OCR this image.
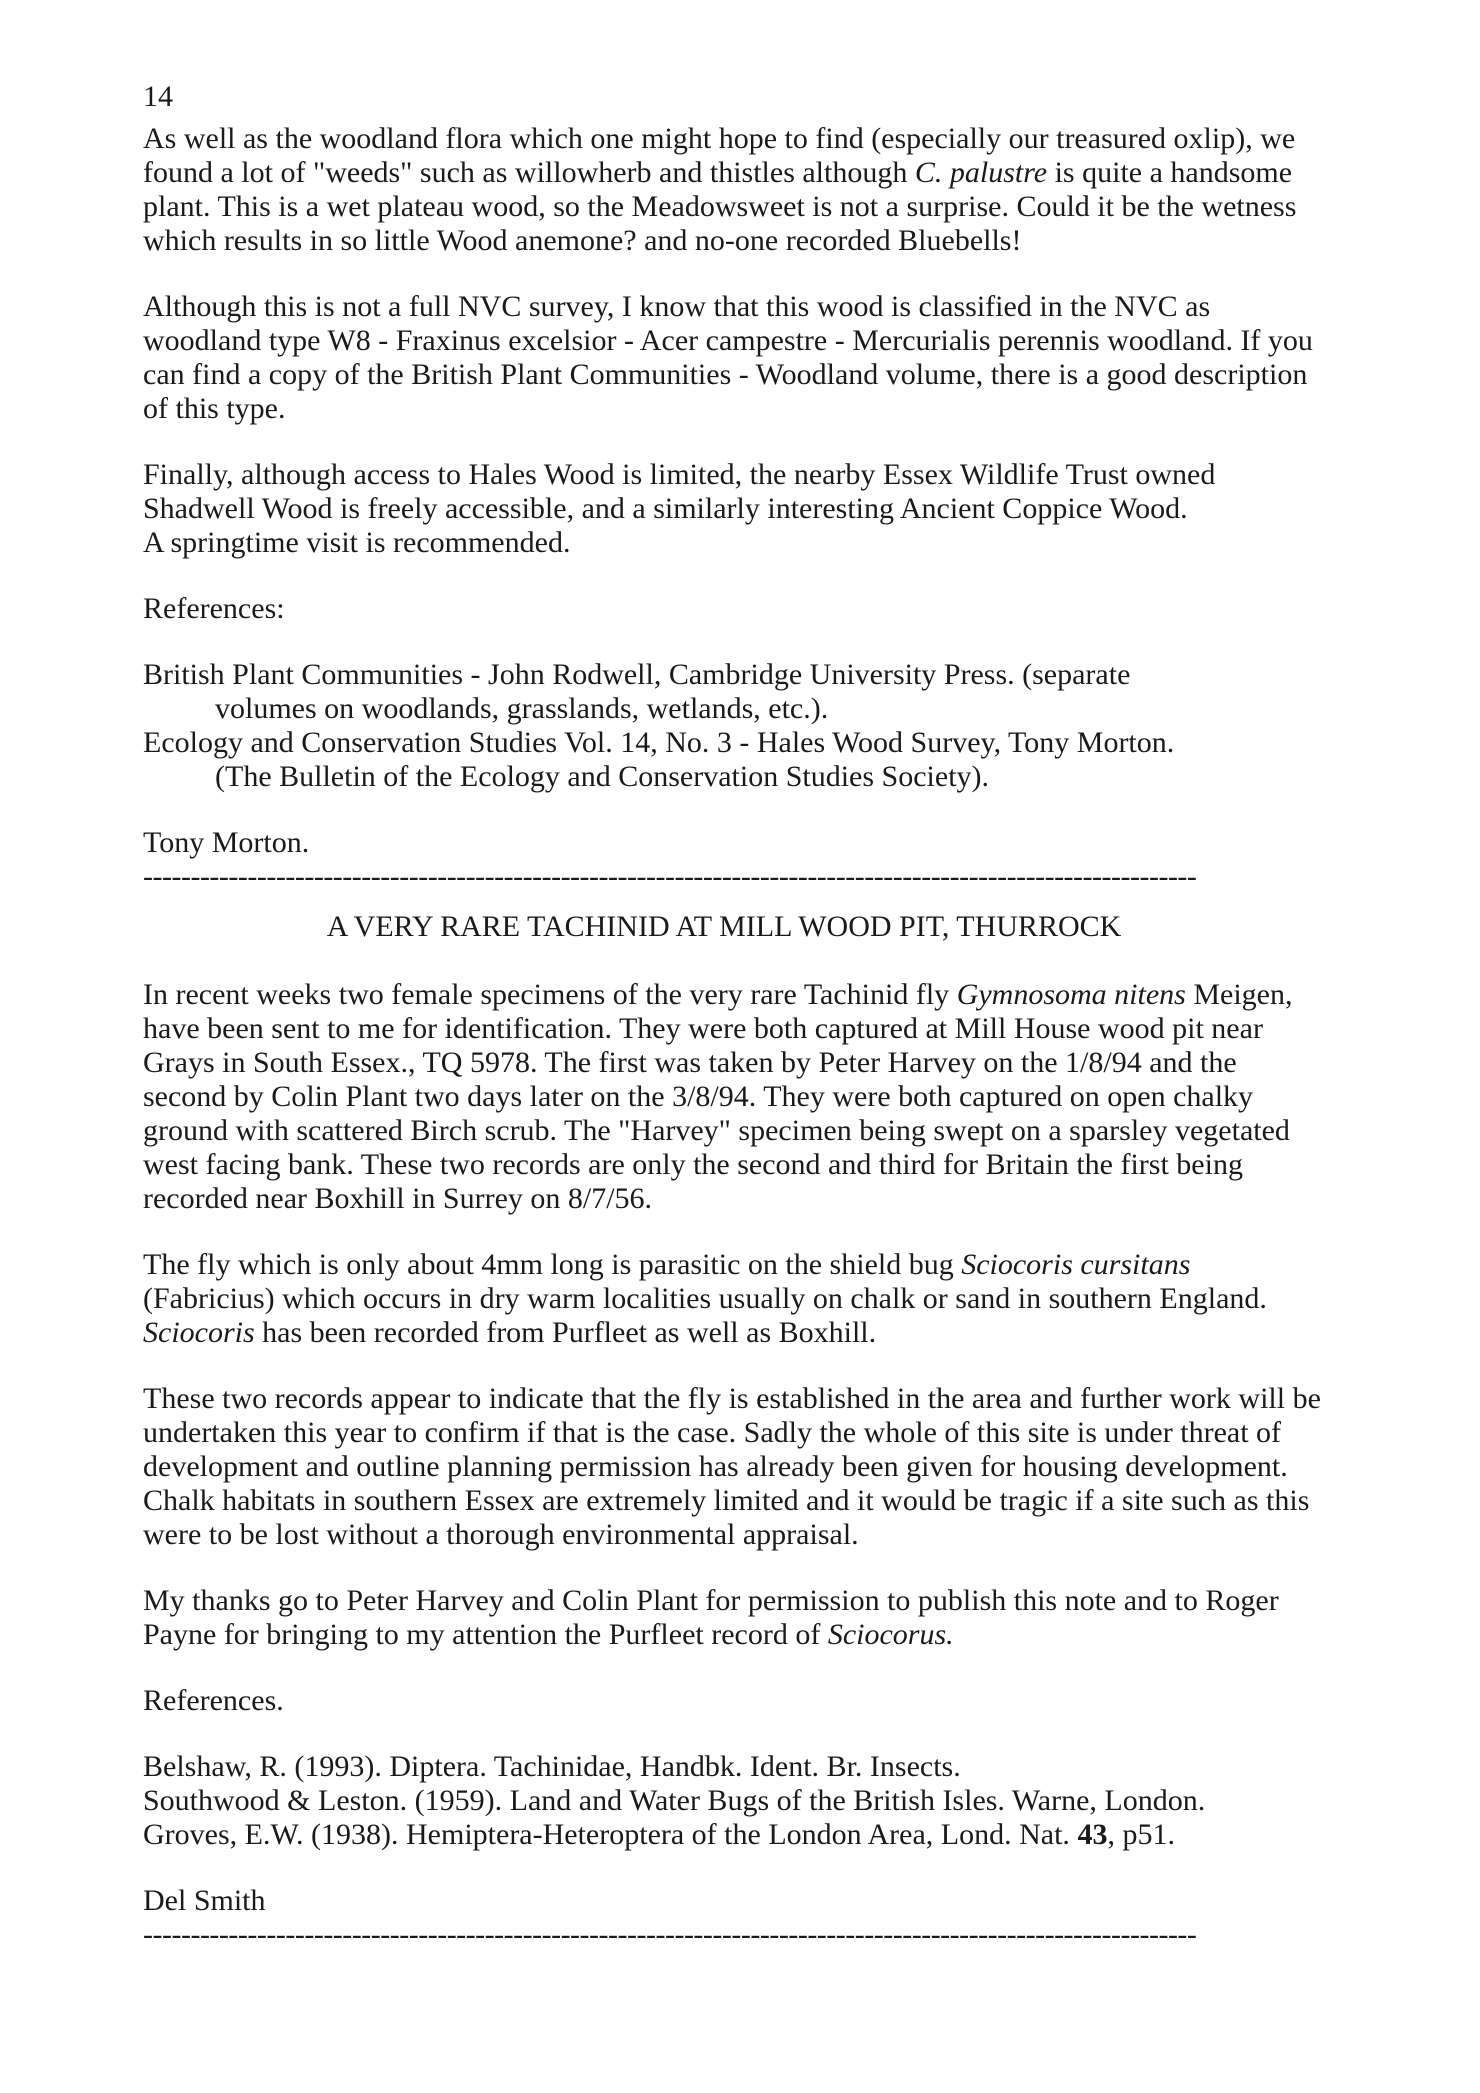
14

As well as the woodland flora which one might hope to find (especially our treasured oxlip), we found a lot of "weeds" such as willowherb and thistles although C. palustre is quite a handsome plant. This is a wet plateau wood, so the Meadowsweet is not a surprise. Could it be the wetness which results in so little Wood anemone? and no-one recorded Bluebells!

Although this is not a full NVC survey, I know that this wood is classified in the NVC as woodland type W8 - Fraxinus excelsior - Acer campestre - Mercurialis perennis woodland. If you can find a copy of the British Plant Communities - Woodland volume, there is a good description of this type.

Finally, although access to Hales Wood is limited, the nearby Essex Wildlife Trust owned Shadwell Wood is freely accessible, and a similarly interesting Ancient Coppice Wood.
A springtime visit is recommended.

References:

British Plant Communities - John Rodwell, Cambridge University Press. (separate
volumes on woodlands, grasslands, wetlands, etc.).
Ecology and Conservation Studies Vol. 14, No. 3 - Hales Wood Survey, Tony Morton.
(The Bulletin of the Ecology and Conservation Studies Society).

Tony Morton.

---------------------------------------------------------------------------------------------------------------
A VERY RARE TACHINID AT MILL WOOD PIT, THURROCK

In recent weeks two female specimens of the very rare Tachinid fly Gymnosoma nitens Meigen, have been sent to me for identification. They were both captured at Mill House wood pit near Grays in South Essex., TQ 5978. The first was taken by Peter Harvey on the 1/8/94 and the second by Colin Plant two days later on the 3/8/94. They were both captured on open chalky ground with scattered Birch scrub. The "Harvey" specimen being swept on a sparsley vegetated west facing bank. These two records are only the second and third for Britain the first being recorded near Boxhill in Surrey on 8/7/56.

The fly which is only about 4mm long is parasitic on the shield bug Sciocoris cursitans (Fabricius) which occurs in dry warm localities usually on chalk or sand in southern England. Sciocoris has been recorded from Purfleet as well as Boxhill.

These two records appear to indicate that the fly is established in the area and further work will be undertaken this year to confirm if that is the case. Sadly the whole of this site is under threat of development and outline planning permission has already been given for housing development. Chalk habitats in southern Essex are extremely limited and it would be tragic if a site such as this were to be lost without a thorough environmental appraisal.

My thanks go to Peter Harvey and Colin Plant for permission to publish this note and to Roger Payne for bringing to my attention the Purfleet record of Sciocorus.

References.

Belshaw, R. (1993). Diptera. Tachinidae, Handbk. Ident. Br. Insects.
Southwood & Leston. (1959). Land and Water Bugs of the British Isles. Warne, London.
Groves, E.W. (1938). Hemiptera-Heteroptera of the London Area, Lond. Nat. 43, p51.

Del Smith

---------------------------------------------------------------------------------------------------------------
